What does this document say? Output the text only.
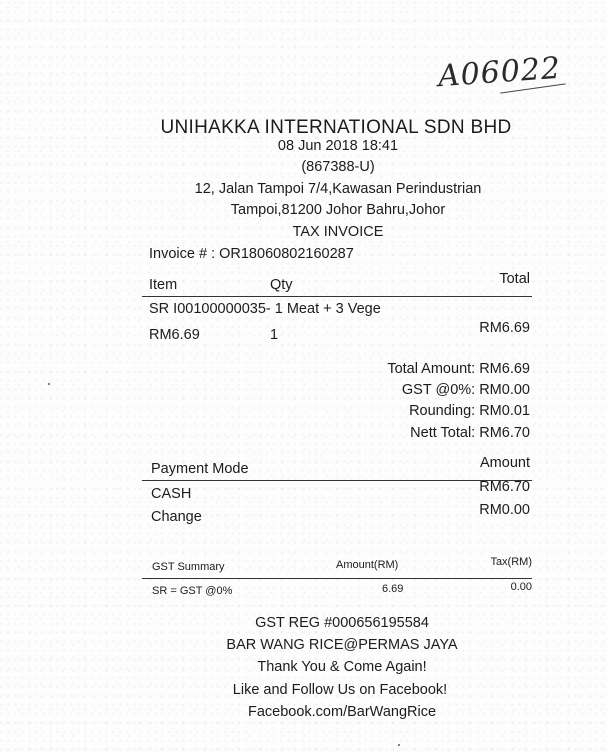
A06022
UNIHAKKA INTERNATIONAL SDN BHD
08 Jun 2018 18:41
(867388-U)
12, Jalan Tampoi 7/4,Kawasan Perindustrian
Tampoi,81200 Johor Bahru,Johor
TAX INVOICE
Invoice # : OR18060802160287
Item	Qty	Total
SR I00100000035- 1 Meat + 3 Vege
RM6.69	1	RM6.69
Total Amount: RM6.69
GST @0%: RM0.00
Rounding: RM0.01
Nett Total: RM6.70
Payment Mode	Amount
CASH	RM6.70
Change	RM0.00
GST Summary	Amount(RM)	Tax(RM)
SR = GST @0%	6.69	0.00
GST REG #000656195584
BAR WANG RICE@PERMAS JAYA
Thank You & Come Again!
Like and Follow Us on Facebook!
Facebook.com/BarWangRice
